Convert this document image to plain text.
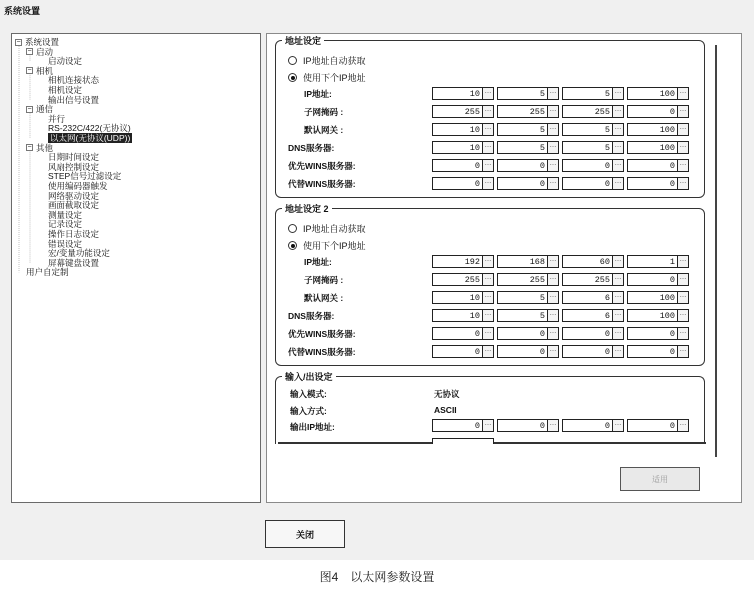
系统设置
− 系统设置
− 启动
启动设定
− 相机
相机连接状态
相机设定
输出信号设置
− 通信
并行
RS-232C/422(无协议)
以太网(无协议(UDP))
− 其他
日期时间设定
风扇控制设定
STEP信号过滤设定
使用编码器触发
网络驱动设定
画面截取设定
测量设定
记录设定
操作日志设定
错误设定
宏/变量功能设定
屏幕键盘设置
用户自定制
地址设定
地址设定 2
输入/出设定
IP地址自动获取
使用下个IP地址
IP地址:	10 …	5 …	5 …	100 …
子网掩码 :	255 …	255 …	255 …	0 …
默认网关 :	10 …	5 …	5 …	100 …
DNS服务器:	10 …	5 …	5 …	100 …
优先WINS服务器:	0 …	0 …	0 …	0 …
代替WINS服务器:	0 …	0 …	0 …	0 …
IP地址自动获取
使用下个IP地址
IP地址:	192 …	168 …	60 …	1 …
子网掩码 :	255 …	255 …	255 …	0 …
默认网关 :	10 …	5 …	6 …	100 …
DNS服务器:	10 …	5 …	6 …	100 …
优先WINS服务器:	0 …	0 …	0 …	0 …
代替WINS服务器:	0 …	0 …	0 …	0 …
输入模式:	无协议
输入方式:	ASCII
输出IP地址:	0 …	0 …	0 …	0 …
适用
关闭
图4　以太网参数设置
